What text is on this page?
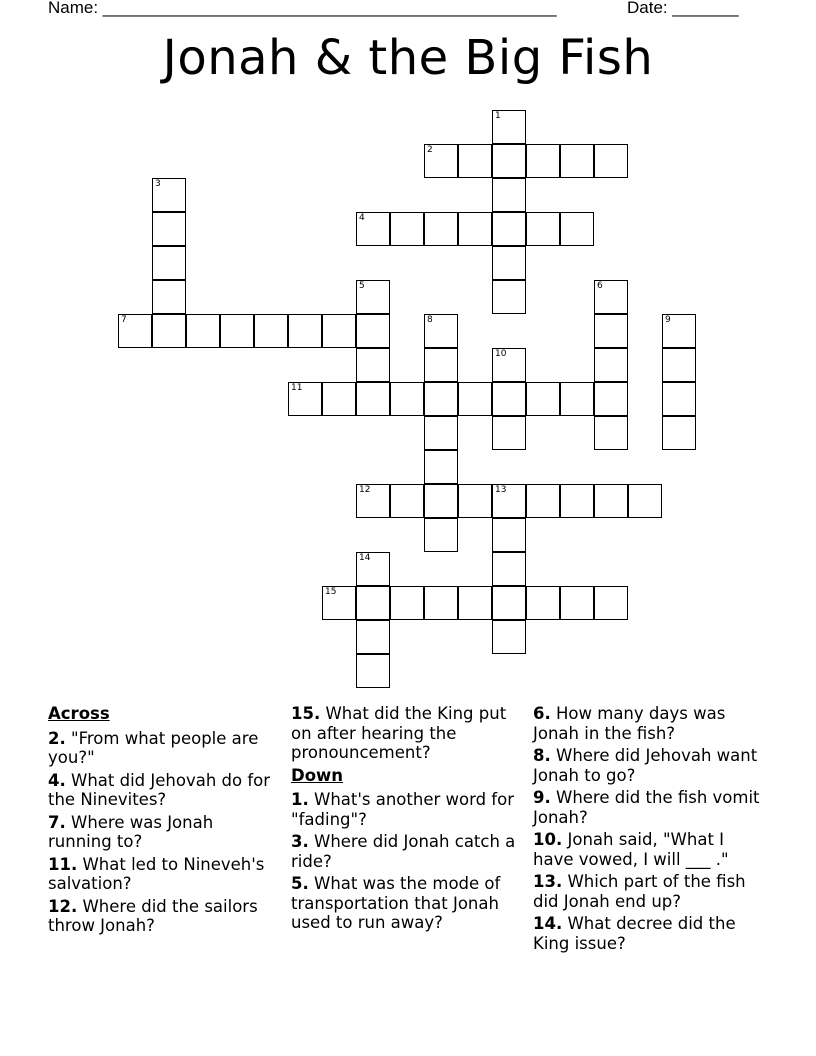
Name: ________________________________________________	Date: _______
Jonah & the Big Fish
1
2
3
4
5	6
7	8	9
10
11
12	13
14
15
Across
2. "From what people are you?"
4. What did Jehovah do for the Ninevites?
7. Where was Jonah running to?
11. What led to Nineveh's salvation?
12. Where did the sailors throw Jonah?
15. What did the King put on after hearing the pronouncement?
Down
1. What's another word for "fading"?
3. Where did Jonah catch a ride?
5. What was the mode of transportation that Jonah used to run away?
6. How many days was Jonah in the fish?
8. Where did Jehovah want Jonah to go?
9. Where did the fish vomit Jonah?
10. Jonah said, "What I have vowed, I will ___ ."
13. Which part of the fish did Jonah end up?
14. What decree did the King issue?
